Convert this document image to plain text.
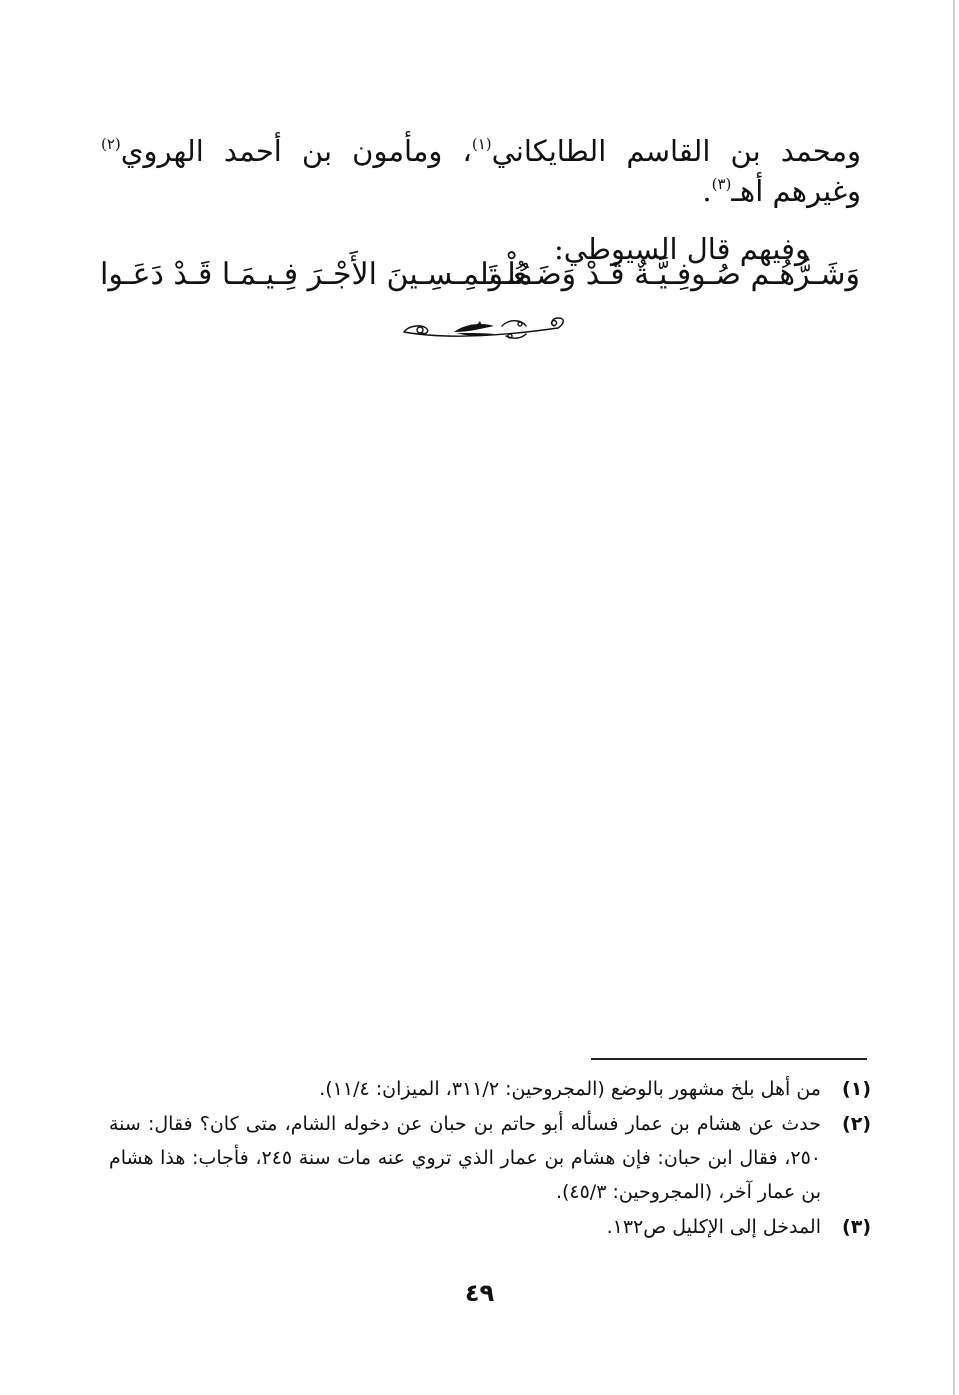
ومحمد بن القاسم الطايكاني$^{(١)}$، ومأمون بن أحمد الهروي$^{(٢)}$ وغيرهم أهـ$^{(٣)}$.

وفيهم قال السيوطي:

وَشَـرُّهُـم صُـوفِـيَّـةٌ قَـدْ وَضَـعُـوا
مُلْـتَـمِـسِـينَ الأَجْـرَ فِـيـمَـا قَـدْ دَعَـوا
(١)
من أهل بلخ مشهور بالوضع (المجروحين: ٣١١/٢، الميزان: ١١/٤).
(٢)
حدث عن هشام بن عمار فسأله أبو حاتم بن حبان عن دخوله الشام، متى كان؟ فقال: سنة ٢٥٠، فقال ابن حبان: فإن هشام بن عمار الذي تروي عنه مات سنة ٢٤٥، فأجاب: هذا هشام بن عمار آخر، (المجروحين: ٤٥/٣).
(٣)
المدخل إلى الإكليل ص١٣٢.
٤٩
